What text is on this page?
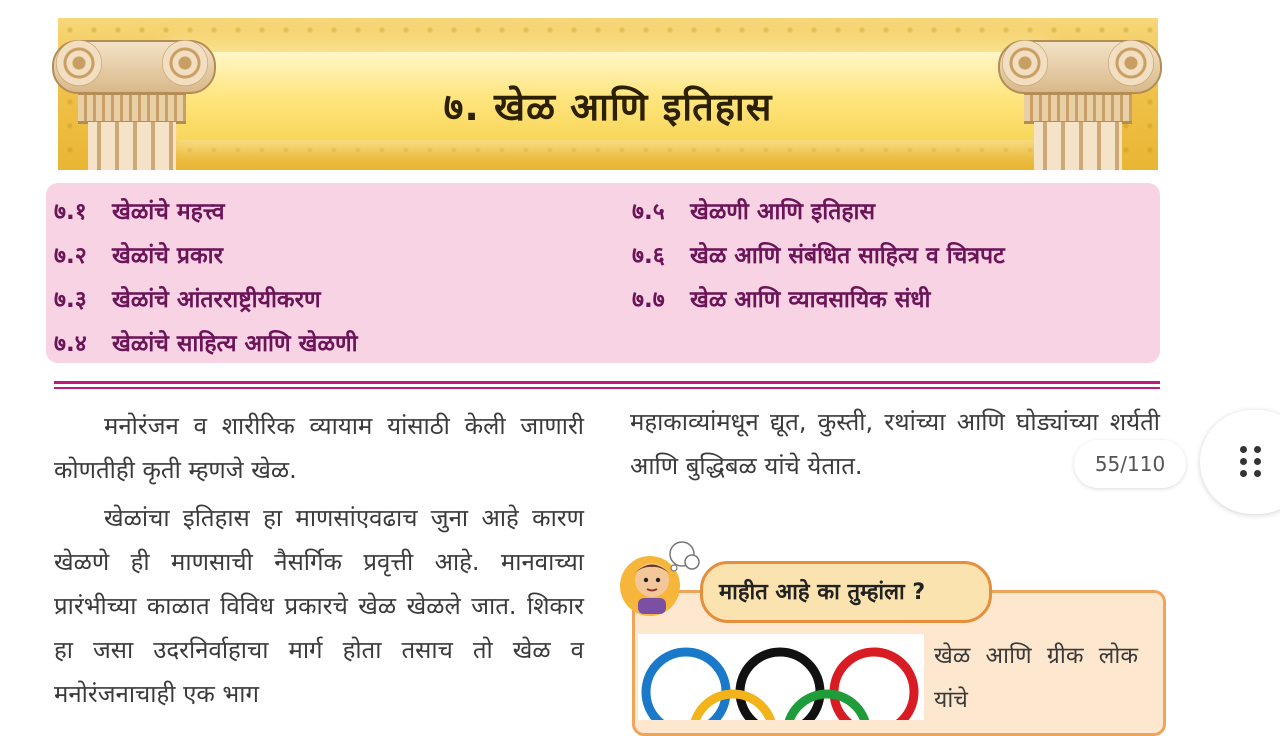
७. खेळ आणि इतिहास
७.१ खेळांचे महत्त्व
७.२ खेळांचे प्रकार
७.३ खेळांचे आंतरराष्ट्रीयीकरण
७.४ खेळांचे साहित्य आणि खेळणी
७.५ खेळणी आणि इतिहास
७.६ खेळ आणि संबंधित साहित्य व चित्रपट
७.७ खेळ आणि व्यावसायिक संधी

मनोरंजन व शारीरिक व्यायाम यांसाठी केली जाणारी कोणतीही कृती म्हणजे खेळ.

खेळांचा इतिहास हा माणसांएवढाच जुना आहे कारण खेळणे ही माणसाची नैसर्गिक प्रवृत्ती आहे. मानवाच्या प्रारंभीच्या काळात विविध प्रकारचे खेळ खेळले जात. शिकार हा जसा उदरनिर्वाहाचा मार्ग होता तसाच तो खेळ व मनोरंजनाचाही एक भाग

महाकाव्यांमधून द्यूत, कुस्ती, रथांच्या आणि घोड्यांच्या शर्यती आणि बुद्धिबळ यांचे येतात.

खेळ आणि ग्रीक लोक यांचे

माहीत आहे का तुम्हांला ?
55/110
